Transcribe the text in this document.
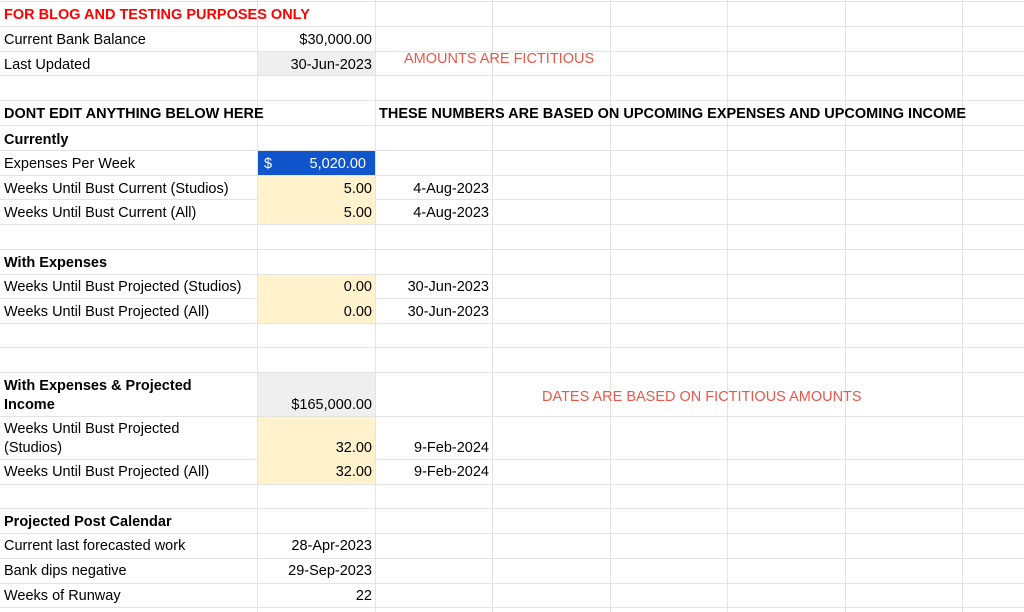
FOR BLOG AND TESTING PURPOSES ONLY
Current Bank Balance	$30,000.00
Last Updated	30-Jun-2023 AMOUNTS ARE FICTITIOUS
DONT EDIT ANYTHING BELOW HERE	THESE NUMBERS ARE BASED ON UPCOMING EXPENSES AND UPCOMING INCOME
Currently
Expenses Per Week	$	5,020.00
Weeks Until Bust Current (Studios)	5.00	4-Aug-2023
Weeks Until Bust Current (All)	5.00	4-Aug-2023
With Expenses
Weeks Until Bust Projected (Studios)	0.00	30-Jun-2023
Weeks Until Bust Projected (All)	0.00	30-Jun-2023
With Expenses & Projected
Income	$165,000.00	DATES ARE BASED ON FICTITIOUS AMOUNTS
Weeks Until Bust Projected
(Studios)	32.00	9-Feb-2024
Weeks Until Bust Projected (All)	32.00	9-Feb-2024
Projected Post Calendar
Current last forecasted work	28-Apr-2023
Bank dips negative	29-Sep-2023
Weeks of Runway	22
